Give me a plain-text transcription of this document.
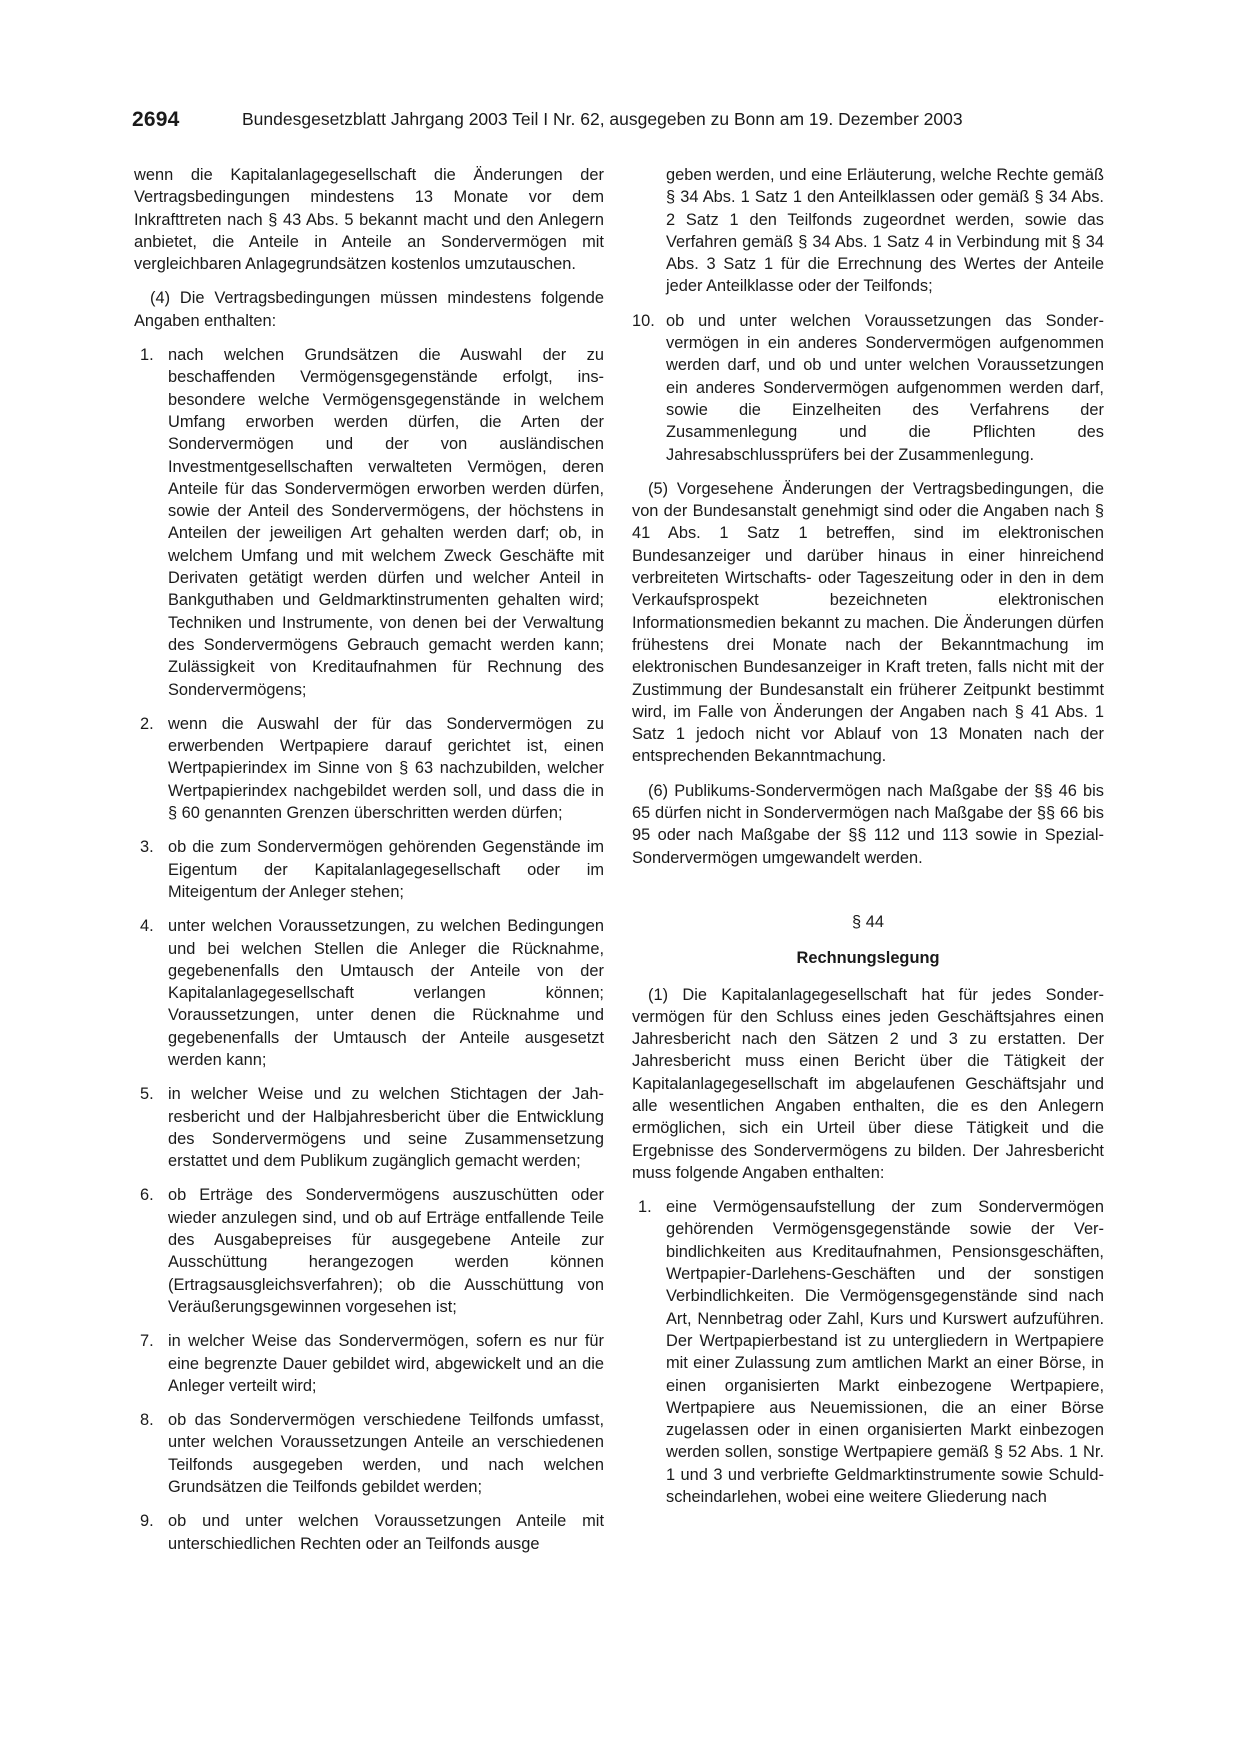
2694	Bundesgesetzblatt Jahrgang 2003 Teil I Nr. 62, ausgegeben zu Bonn am 19. Dezember 2003

wenn die Kapitalanlagegesellschaft die Änderungen der Vertragsbedingungen mindestens 13 Monate vor dem Inkrafttreten nach § 43 Abs. 5 bekannt macht und den Anlegern anbietet, die Anteile in Anteile an Sondervermögen mit vergleichbaren Anlagegrundsätzen kostenlos umzutauschen.

(4) Die Vertragsbedingungen müssen mindestens folgende Angaben enthalten:

1. nach welchen Grundsätzen die Auswahl der zu beschaffenden Vermögensgegenstände erfolgt, insbesondere welche Vermögensgegenstände in welchem Umfang erworben werden dürfen, die Arten der Sondervermögen und der von ausländischen Investmentgesellschaften verwalteten Vermögen, deren Anteile für das Sondervermögen erworben werden dürfen, sowie der Anteil des Sondervermögens, der höchstens in Anteilen der jeweiligen Art gehalten werden darf; ob, in welchem Umfang und mit welchem Zweck Geschäfte mit Derivaten getätigt werden dürfen und welcher Anteil in Bankguthaben und Geldmarktinstrumenten gehalten wird; Techniken und Instrumente, von denen bei der Verwaltung des Sondervermögens Gebrauch gemacht werden kann; Zulässigkeit von Kreditaufnahmen für Rechnung des Sondervermögens;
2. wenn die Auswahl der für das Sondervermögen zu erwerbenden Wertpapiere darauf gerichtet ist, einen Wertpapierindex im Sinne von § 63 nachzubilden, welcher Wertpapierindex nachgebildet werden soll, und dass die in § 60 genannten Grenzen überschritten werden dürfen;
3. ob die zum Sondervermögen gehörenden Gegenstände im Eigentum der Kapitalanlagegesellschaft oder im Miteigentum der Anleger stehen;
4. unter welchen Voraussetzungen, zu welchen Bedingungen und bei welchen Stellen die Anleger die Rücknahme, gegebenenfalls den Umtausch der Anteile von der Kapitalanlagegesellschaft verlangen können; Voraussetzungen, unter denen die Rücknahme und gegebenenfalls der Umtausch der Anteile ausgesetzt werden kann;
5. in welcher Weise und zu welchen Stichtagen der Jahresbericht und der Halbjahresbericht über die Entwicklung des Sondervermögens und seine Zusammensetzung erstattet und dem Publikum zugänglich gemacht werden;
6. ob Erträge des Sondervermögens auszuschütten oder wieder anzulegen sind, und ob auf Erträge entfallende Teile des Ausgabepreises für ausgegebene Anteile zur Ausschüttung herangezogen werden können (Ertragsausgleichsverfahren); ob die Ausschüttung von Veräußerungsgewinnen vorgesehen ist;
7. in welcher Weise das Sondervermögen, sofern es nur für eine begrenzte Dauer gebildet wird, abgewickelt und an die Anleger verteilt wird;
8. ob das Sondervermögen verschiedene Teilfonds umfasst, unter welchen Voraussetzungen Anteile an verschiedenen Teilfonds ausgegeben werden, und nach welchen Grundsätzen die Teilfonds gebildet werden;
9. ob und unter welchen Voraussetzungen Anteile mit unterschiedlichen Rechten oder an Teilfonds ausge
geben werden, und eine Erläuterung, welche Rechte gemäß § 34 Abs. 1 Satz 1 den Anteilklassen oder gemäß § 34 Abs. 2 Satz 1 den Teilfonds zugeordnet werden, sowie das Verfahren gemäß § 34 Abs. 1 Satz 4 in Verbindung mit § 34 Abs. 3 Satz 1 für die Errechnung des Wertes der Anteile jeder Anteilklasse oder der Teilfonds;
10. ob und unter welchen Voraussetzungen das Sondervermögen in ein anderes Sondervermögen aufgenommen werden darf, und ob und unter welchen Voraussetzungen ein anderes Sondervermögen aufgenommen werden darf, sowie die Einzelheiten des Verfahrens der Zusammenlegung und die Pflichten des Jahresabschlussprüfers bei der Zusammenlegung.

(5) Vorgesehene Änderungen der Vertragsbedingungen, die von der Bundesanstalt genehmigt sind oder die Angaben nach § 41 Abs. 1 Satz 1 betreffen, sind im elektronischen Bundesanzeiger und darüber hinaus in einer hinreichend verbreiteten Wirtschafts- oder Tageszeitung oder in den in dem Verkaufsprospekt bezeichneten elektronischen Informationsmedien bekannt zu machen. Die Änderungen dürfen frühestens drei Monate nach der Bekanntmachung im elektronischen Bundesanzeiger in Kraft treten, falls nicht mit der Zustimmung der Bundesanstalt ein früherer Zeitpunkt bestimmt wird, im Falle von Änderungen der Angaben nach § 41 Abs. 1 Satz 1 jedoch nicht vor Ablauf von 13 Monaten nach der entsprechenden Bekanntmachung.

(6) Publikums-Sondervermögen nach Maßgabe der §§ 46 bis 65 dürfen nicht in Sondervermögen nach Maßgabe der §§ 66 bis 95 oder nach Maßgabe der §§ 112 und 113 sowie in Spezial-Sondervermögen umgewandelt werden.

§ 44
Rechnungslegung

(1) Die Kapitalanlagegesellschaft hat für jedes Sondervermögen für den Schluss eines jeden Geschäftsjahres einen Jahresbericht nach den Sätzen 2 und 3 zu erstatten. Der Jahresbericht muss einen Bericht über die Tätigkeit der Kapitalanlagegesellschaft im abgelaufenen Geschäftsjahr und alle wesentlichen Angaben enthalten, die es den Anlegern ermöglichen, sich ein Urteil über diese Tätigkeit und die Ergebnisse des Sondervermögens zu bilden. Der Jahresbericht muss folgende Angaben enthalten:

1. eine Vermögensaufstellung der zum Sondervermögen gehörenden Vermögensgegenstände sowie der Verbindlichkeiten aus Kreditaufnahmen, Pensionsgeschäften, Wertpapier-Darlehens-Geschäften und der sonstigen Verbindlichkeiten. Die Vermögensgegenstände sind nach Art, Nennbetrag oder Zahl, Kurs und Kurswert aufzuführen. Der Wertpapierbestand ist zu untergliedern in Wertpapiere mit einer Zulassung zum amtlichen Markt an einer Börse, in einen organisierten Markt einbezogene Wertpapiere, Wertpapiere aus Neuemissionen, die an einer Börse zugelassen oder in einen organisierten Markt einbezogen werden sollen, sonstige Wertpapiere gemäß § 52 Abs. 1 Nr. 1 und 3 und verbriefte Geldmarktinstrumente sowie Schuldscheindarlehen, wobei eine weitere Gliederung nach
